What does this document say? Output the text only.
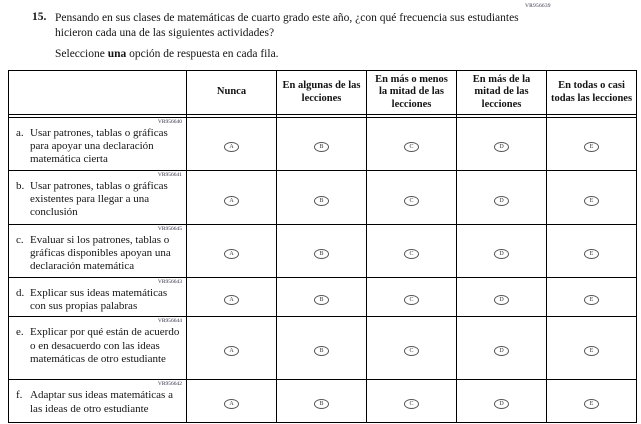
VR956639
15. Pensando en sus clases de matemáticas de cuarto grado este año, ¿con qué frecuencia sus estudiantes hicieron cada una de las siguientes actividades?
Seleccione una opción de respuesta en cada fila.
	Nunca	En algunas de las lecciones	En más o menos la mitad de las lecciones	En más de la mitad de las lecciones	En todas o casi todas las lecciones

VR956640
a. Usar patrones, tablas o gráficas para apoyar una declaración matemática cierta	A	B	C	D	E

VR956641
b. Usar patrones, tablas o gráficas existentes para llegar a una conclusión	A	B	C	D	E

VR956645
c. Evaluar si los patrones, tablas o gráficas disponibles apoyan una declaración matemática	A	B	C	D	E

VR956643
d. Explicar sus ideas matemáticas con sus propias palabras	A	B	C	D	E

VR956644
e. Explicar por qué están de acuerdo o en desacuerdo con las ideas matemáticas de otro estudiante	A	B	C	D	E

VR956642
f. Adaptar sus ideas matemáticas a las ideas de otro estudiante	A	B	C	D	E
